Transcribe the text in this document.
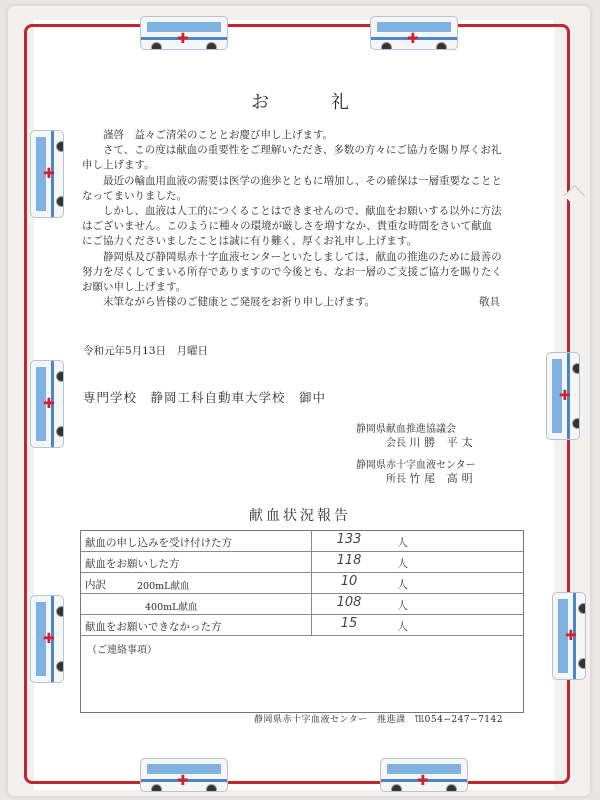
✚	✚
✚	✚
✚
✚
✚
✚
✚
お 礼

謹啓　益々ご清栄のこととお慶び申し上げます。

さて、この度は献血の重要性をご理解いただき、多数の方々にご協力を賜り厚くお礼申し上げます。

最近の輸血用血液の需要は医学の進歩とともに増加し、その確保は一層重要なことと なってまいりました。

しかし、血液は人工的につくることはできませんので、献血をお願いする以外に方法はございません。このように種々の環境が厳しさを増すなか、貴重な時間をさいて献血にご協力くださいましたことは誠に有り難く、厚くお礼申し上げます。

静岡県及び静岡県赤十字血液センターといたしましては、献血の推進のために最善の努力を尽くしてまいる所存でありますので今後とも、なお一層のご支援ご協力を賜りたくお願い申し上げます。

末筆ながら皆様のご健康とご発展をお祈り申し上げます。	敬具

令和元年5月13日　月曜日
専門学校　静岡工科自動車大学校　御中
静岡県献血推進協議会
会長 川勝 平太
静岡県赤十字血液センター
所長 竹尾 高明
献血状況報告
献血の申し込みを受け付けた方	133	人
献血をお願いした方	118	人
内訳	200mL献血	10	人
400mL献血	108	人
献血をお願いできなかった方	15	人
（ご連絡事項）
静岡県赤十字血液センター　推進課　℡054−247−7142
